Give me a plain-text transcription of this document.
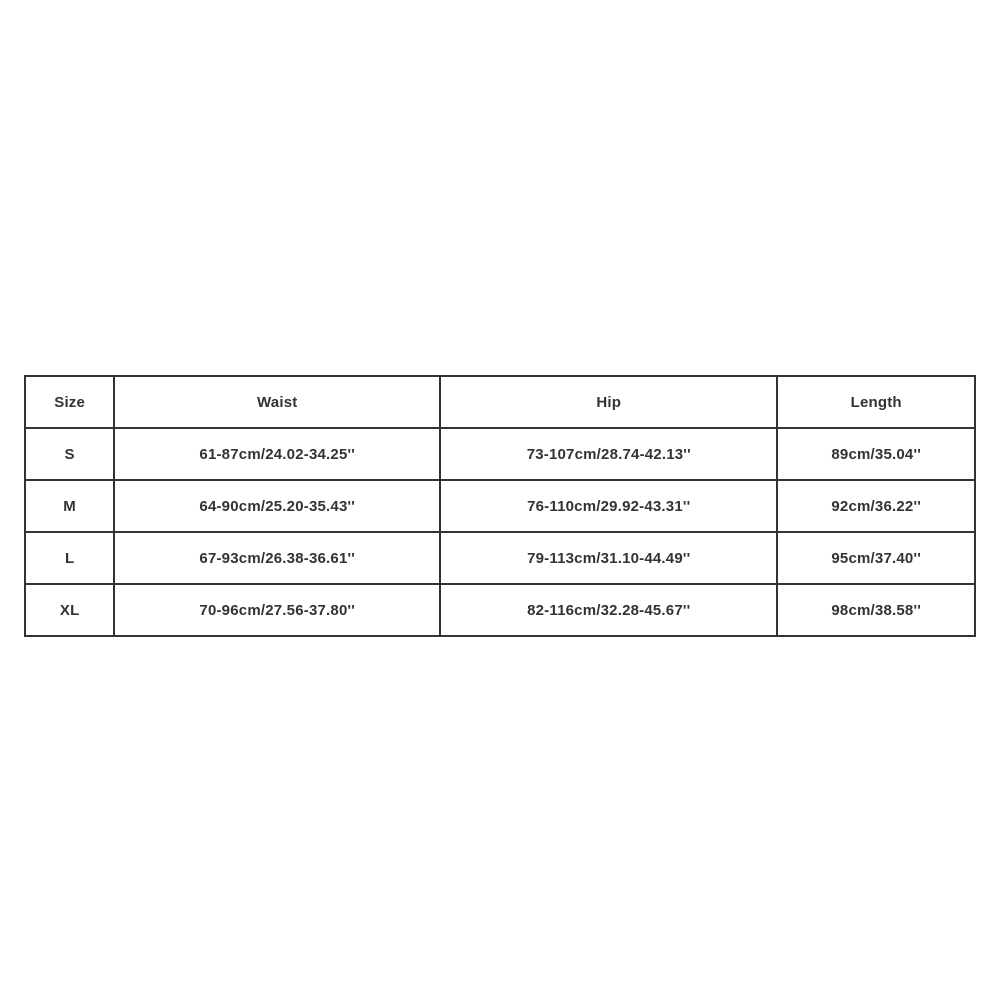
Size	Waist	Hip	Length
S	61-87cm/24.02-34.25''	73-107cm/28.74-42.13''	89cm/35.04''
M	64-90cm/25.20-35.43''	76-110cm/29.92-43.31''	92cm/36.22''
L	67-93cm/26.38-36.61''	79-113cm/31.10-44.49''	95cm/37.40''
XL	70-96cm/27.56-37.80''	82-116cm/32.28-45.67''	98cm/38.58''
